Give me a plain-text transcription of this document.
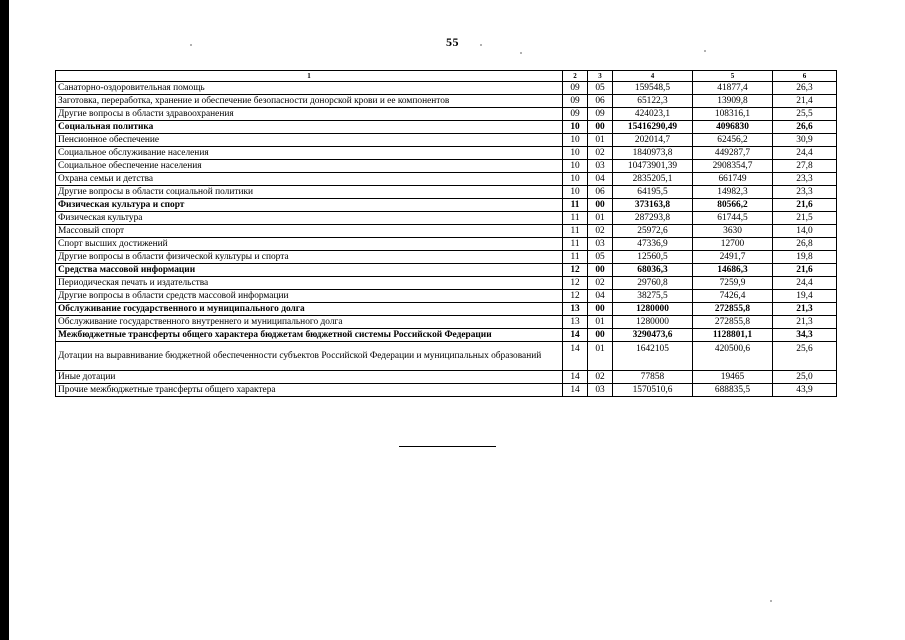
55
1	2	3	4	5	6
Санаторно-оздоровительная помощь	09	05	159548,5	41877,4	26,3
Заготовка, переработка, хранение и обеспечение безопасности донорской крови и ее компонентов	09	06	65122,3	13909,8	21,4
Другие вопросы в области здравоохранения	09	09	424023,1	108316,1	25,5
Социальная политика	10	00	15416290,49	4096830	26,6
Пенсионное обеспечение	10	01	202014,7	62456,2	30,9
Социальное обслуживание населения	10	02	1840973,8	449287,7	24,4
Социальное обеспечение населения	10	03	10473901,39	2908354,7	27,8
Охрана семьи и детства	10	04	2835205,1	661749	23,3
Другие вопросы в области социальной политики	10	06	64195,5	14982,3	23,3
Физическая культура и спорт	11	00	373163,8	80566,2	21,6
Физическая культура	11	01	287293,8	61744,5	21,5
Массовый спорт	11	02	25972,6	3630	14,0
Спорт высших достижений	11	03	47336,9	12700	26,8
Другие вопросы в области физической культуры и спорта	11	05	12560,5	2491,7	19,8
Средства массовой информации	12	00	68036,3	14686,3	21,6
Периодическая печать и издательства	12	02	29760,8	7259,9	24,4
Другие вопросы в области средств массовой информации	12	04	38275,5	7426,4	19,4
Обслуживание государственного и муниципального долга	13	00	1280000	272855,8	21,3
Обслуживание государственного внутреннего и муниципального долга	13	01	1280000	272855,8	21,3
Межбюджетные трансферты общего характера бюджетам бюджетной системы Российской Федерации	14	00	3290473,6	1128801,1	34,3
Дотации на выравнивание бюджетной обеспеченности субъектов Российской Федерации и муниципальных образований	14	01	1642105	420500,6	25,6
Иные дотации	14	02	77858	19465	25,0
Прочие межбюджетные трансферты общего характера	14	03	1570510,6	688835,5	43,9
